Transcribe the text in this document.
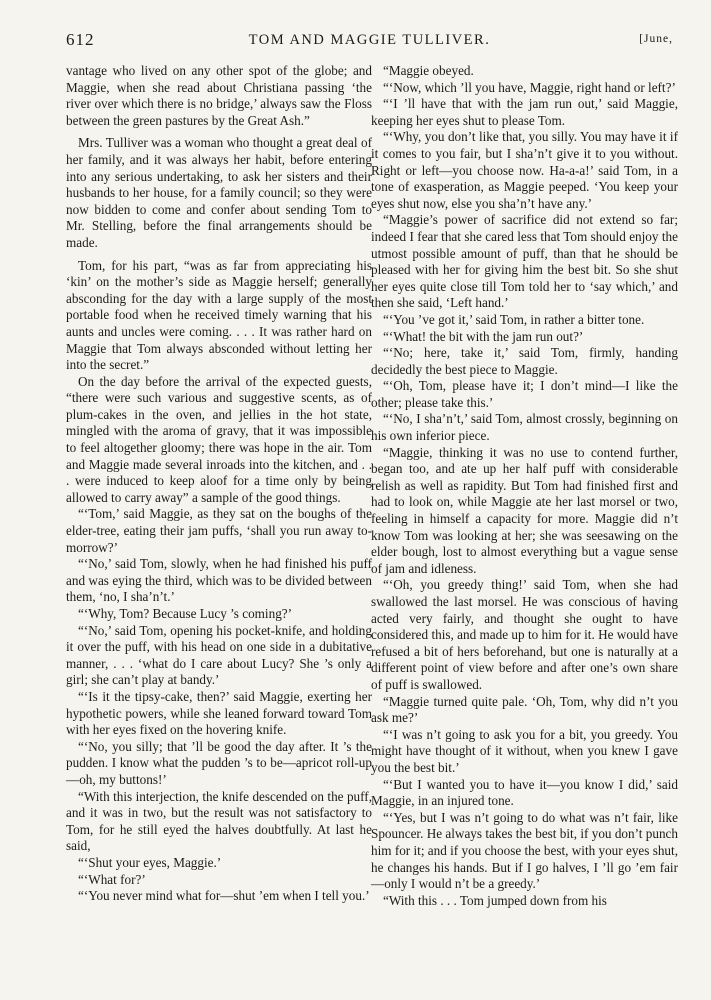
612	TOM AND MAGGIE TULLIVER.	[June,

vantage who lived on any other spot of the globe; and Maggie, when she read about Christiana passing ‘the river over which there is no bridge,’ always saw the Floss between the green pastures by the Great Ash.”

Mrs. Tulliver was a woman who thought a great deal of her family, and it was always her habit, before entering into any serious undertaking, to ask her sisters and their husbands to her house, for a family council; so they were now bidden to come and confer about sending Tom to Mr. Stelling, before the final arrangements should be made.

Tom, for his part, “was as far from appreciating his ‘kin’ on the mother’s side as Maggie herself; generally absconding for the day with a large supply of the most portable food when he received timely warning that his aunts and uncles were coming. . . . It was rather hard on Maggie that Tom always absconded without letting her into the secret.”

On the day before the arrival of the expected guests, “there were such various and suggestive scents, as of plum-cakes in the oven, and jellies in the hot state, mingled with the aroma of gravy, that it was impossible to feel altogether gloomy; there was hope in the air. Tom and Maggie made several inroads into the kitchen, and . . . were induced to keep aloof for a time only by being allowed to carry away” a sample of the good things.

“‘Tom,’ said Maggie, as they sat on the boughs of the elder-tree, eating their jam puffs, ‘shall you run away to-morrow?’

“‘No,’ said Tom, slowly, when he had finished his puff and was eying the third, which was to be divided between them, ‘no, I sha’n’t.’

“‘Why, Tom? Because Lucy ’s coming?’

“‘No,’ said Tom, opening his pocket-knife, and holding it over the puff, with his head on one side in a dubitative manner, . . . ‘what do I care about Lucy? She ’s only a girl; she can’t play at bandy.’

“‘Is it the tipsy-cake, then?’ said Maggie, exerting her hypothetic powers, while she leaned forward toward Tom with her eyes fixed on the hovering knife.

“‘No, you silly; that ’ll be good the day after. It ’s the pudden. I know what the pudden ’s to be—apricot roll-up—oh, my buttons!’

“With this interjection, the knife descended on the puff, and it was in two, but the result was not satisfactory to Tom, for he still eyed the halves doubtfully. At last he said,

“‘Shut your eyes, Maggie.’

“‘What for?’

“‘You never mind what for—shut ’em when I tell you.’

“Maggie obeyed.

“‘Now, which ’ll you have, Maggie, right hand or left?’

“‘I ’ll have that with the jam run out,’ said Maggie, keeping her eyes shut to please Tom.

“‘Why, you don’t like that, you silly. You may have it if it comes to you fair, but I sha’n’t give it to you without. Right or left—you choose now. Ha-a-a!’ said Tom, in a tone of exasperation, as Maggie peeped. ‘You keep your eyes shut now, else you sha’n’t have any.’

“Maggie’s power of sacrifice did not extend so far; indeed I fear that she cared less that Tom should enjoy the utmost possible amount of puff, than that he should be pleased with her for giving him the best bit. So she shut her eyes quite close till Tom told her to ‘say which,’ and then she said, ‘Left hand.’

“‘You ’ve got it,’ said Tom, in rather a bitter tone.

“‘What! the bit with the jam run out?’

“‘No; here, take it,’ said Tom, firmly, handing decidedly the best piece to Maggie.

“‘Oh, Tom, please have it; I don’t mind—I like the other; please take this.’

“‘No, I sha’n’t,’ said Tom, almost crossly, beginning on his own inferior piece.

“Maggie, thinking it was no use to contend further, began too, and ate up her half puff with considerable relish as well as rapidity. But Tom had finished first and had to look on, while Maggie ate her last morsel or two, feeling in himself a capacity for more. Maggie did n’t know Tom was looking at her; she was seesawing on the elder bough, lost to almost everything but a vague sense of jam and idleness.

“‘Oh, you greedy thing!’ said Tom, when she had swallowed the last morsel. He was conscious of having acted very fairly, and thought she ought to have considered this, and made up to him for it. He would have refused a bit of hers beforehand, but one is naturally at a different point of view before and after one’s own share of puff is swallowed.

“Maggie turned quite pale. ‘Oh, Tom, why did n’t you ask me?’

“‘I was n’t going to ask you for a bit, you greedy. You might have thought of it without, when you knew I gave you the best bit.’

“‘But I wanted you to have it—you know I did,’ said Maggie, in an injured tone.

“‘Yes, but I was n’t going to do what was n’t fair, like Spouncer. He always takes the best bit, if you don’t punch him for it; and if you choose the best, with your eyes shut, he changes his hands. But if I go halves, I ’ll go ’em fair—only I would n’t be a greedy.’

“With this . . . Tom jumped down from his
